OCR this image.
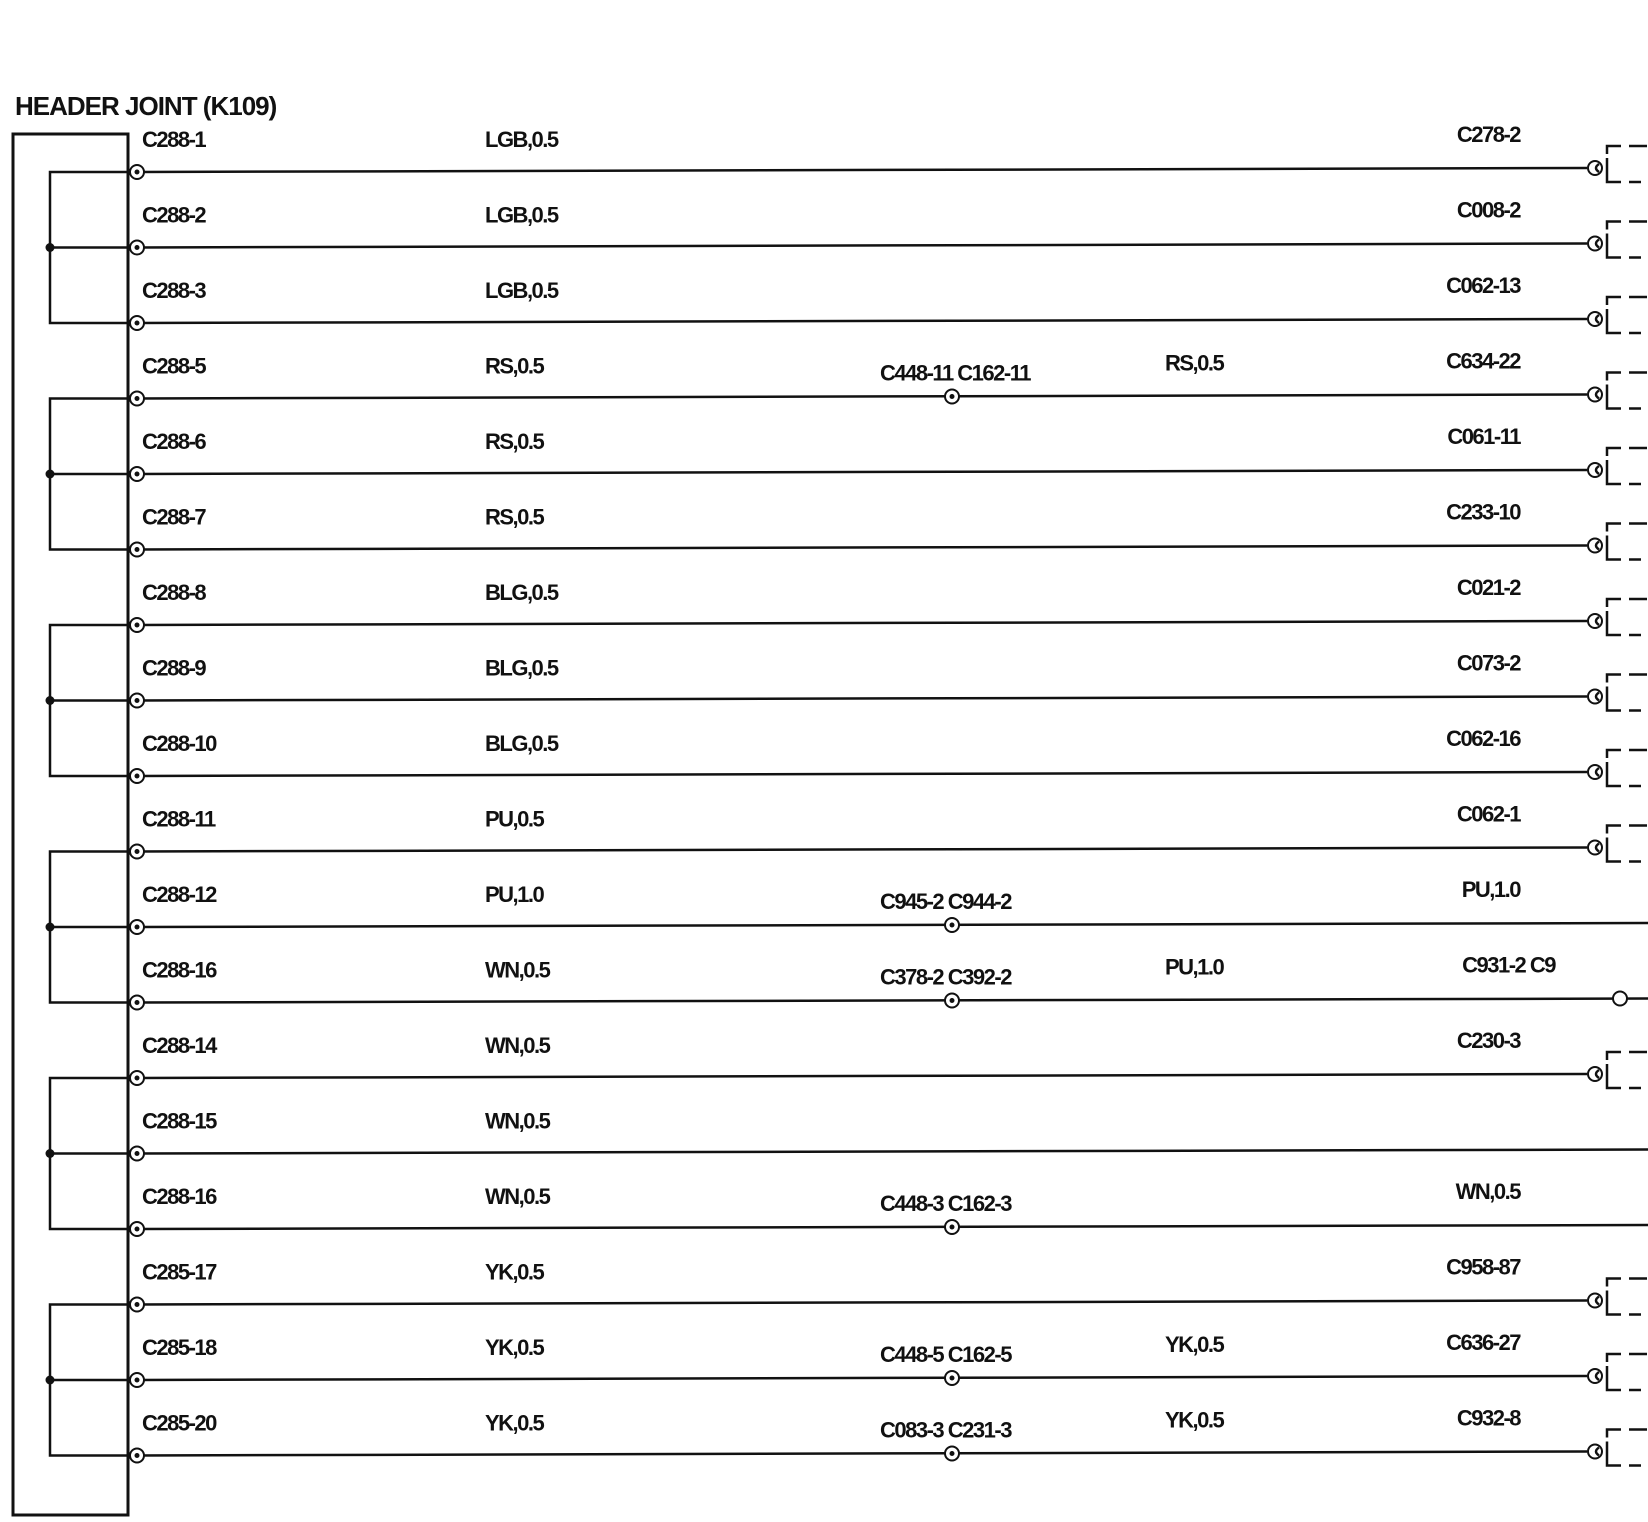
HEADER JOINT (K109)
C288-1	LGB,0.5	C278-2
C288-2	LGB,0.5	C008-2
C288-3	LGB,0.5	C062-13
C288-5	RS,0.5	C448-11 C162-11	RS,0.5	C634-22
C288-6	RS,0.5	C061-11
C288-7	RS,0.5	C233-10
C288-8	BLG,0.5	C021-2
C288-9	BLG,0.5	C073-2
C288-10	BLG,0.5	C062-16
C288-11	PU,0.5	C062-1
C288-12	PU,1.0	C945-2 C944-2	PU,1.0
C288-16	WN,0.5	C378-2 C392-2	PU,1.0	C931-2 C9
C288-14	WN,0.5	C230-3
C288-15	WN,0.5
C288-16	WN,0.5	C448-3 C162-3	WN,0.5
C285-17	YK,0.5	C958-87
C285-18	YK,0.5	C448-5 C162-5	YK,0.5	C636-27
C285-20	YK,0.5	C083-3 C231-3	YK,0.5	C932-8
